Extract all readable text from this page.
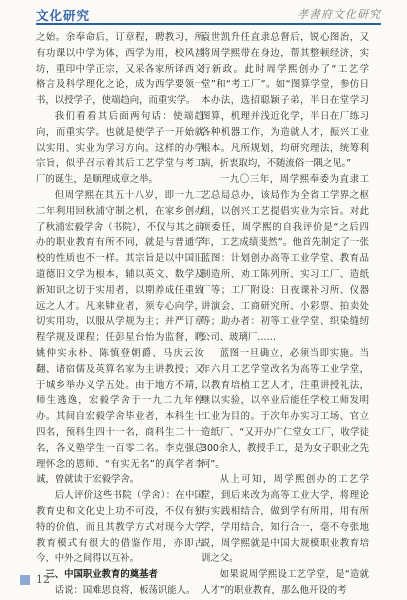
文化研究	孝書府文化研究

之始。余奉命后，订章程，聘教习，所有功课以中学为体，西学为用，校风甚坊，重印中学正宗，又采各家所译西文格言及科学理化之论，成为西学要领一书，以授学子，使端趋向，而重实学。

我们看看其后面两句话：使端趋向，而重实学。也就是使学子一开始就以实用、实业为学习方向。这样的办学宗旨，似乎召示着其后工艺学堂与考工厂的诞生，是顺理成章之举。

但周学熙在其五十八岁，即一九二二年利用回秋浦守制之机，在家乡创办了秋浦宏毅学舍（书院），不仅与其之前办的职业教育有所不同，就是与普通学校的性质也不一样。其宗旨是以中国旧道德旧文学为根本，辅以英文、数学及新知识之切于实用者，以期养成任重致远之人才。凡来肄业者，须专心向学，切实用功，以服从学规为主；并严订章程学规及课程；任彭星台怡为监督，聘姚仲实永朴、陈慎登朝爵、马庆云汝翻、诸宿儒及英算名家为主讲教授；又于城乡举办义学五处。由于地方不靖，师生逃逸，宏毅学舍于一九二九年停办。其间自宏毅学舍毕业者，本科生十四名，预科生四十一名，商科生二十一名，各义塾学生一百零二名。李克强总理怀念的恩师、“有实无名”的真学者李诚，曾就读于宏毅学舍。

后人评价这些书院（学舍）：在中国教育史和文化史上功不可没，不仅有独特的价值，而且其教学方式对现今大学教育模式有很大的借鉴作用，亦即古今、中外之间得以互补。

三、中国职业教育的奠基者

话说：国难思良将，板荡识能人。

袁世凯升任直隶总督后，锐心图治，又将周学熙带在身边，帮其整顿经济，实行新政。此时周学熙创办了“工艺学堂”和“考工厂”。如“图算学堂，参仿日本办法，选招聪颖子弟，半日在堂学习图算，机理并浅近化学，半日在厂练习各种机器工作，为造就人才，振兴工业根本。凡所规划，均研究理法，统筹利病，折衷取均，不随流俗一隅之见。”

一九〇三年，周学熙奉委为直隶工艺总局总办，该局作为全省工学界之枢纽，以创兴工艺提倡实业为宗旨。对此项委任，周学熙的自我评价是“之后四年，工艺成绩斐然”。他首先制定了一张蓝图：计划创办高等工业学堂、教育品制造所、劝工陈列所、实习工厂、造纸厂等；工厂附设：日夜课补习所、仪器讲演会、工商研究所、小彩票、拍卖处等；助办者：初等工业学堂、织染缝纫公司、玻璃厂……

蓝图一旦确立，必须当即实施。当年六月工艺学堂改名为高等工业学堂，以教育培植工艺人才，注重讲授礼法，继以实验，以卒业后能任学校工师发明工业为目的。于次年办实习工场、官立造纸厂、“又开办广仁堂女工厂，收学徒300余人，教授手工，是为女子职业之先河”。

从上可知，周学熙创办的工艺学堂，到后来改为高等工业大学，将理论与实践相结合，做到学有所用，用有所学，学用结合，知行合一，毫不夸张地说，周学熙就是中国大规模职业教育培训之父。

如果说周学熙设工艺学堂，是“造就人才”的职业教育，那么他开设的考

12
